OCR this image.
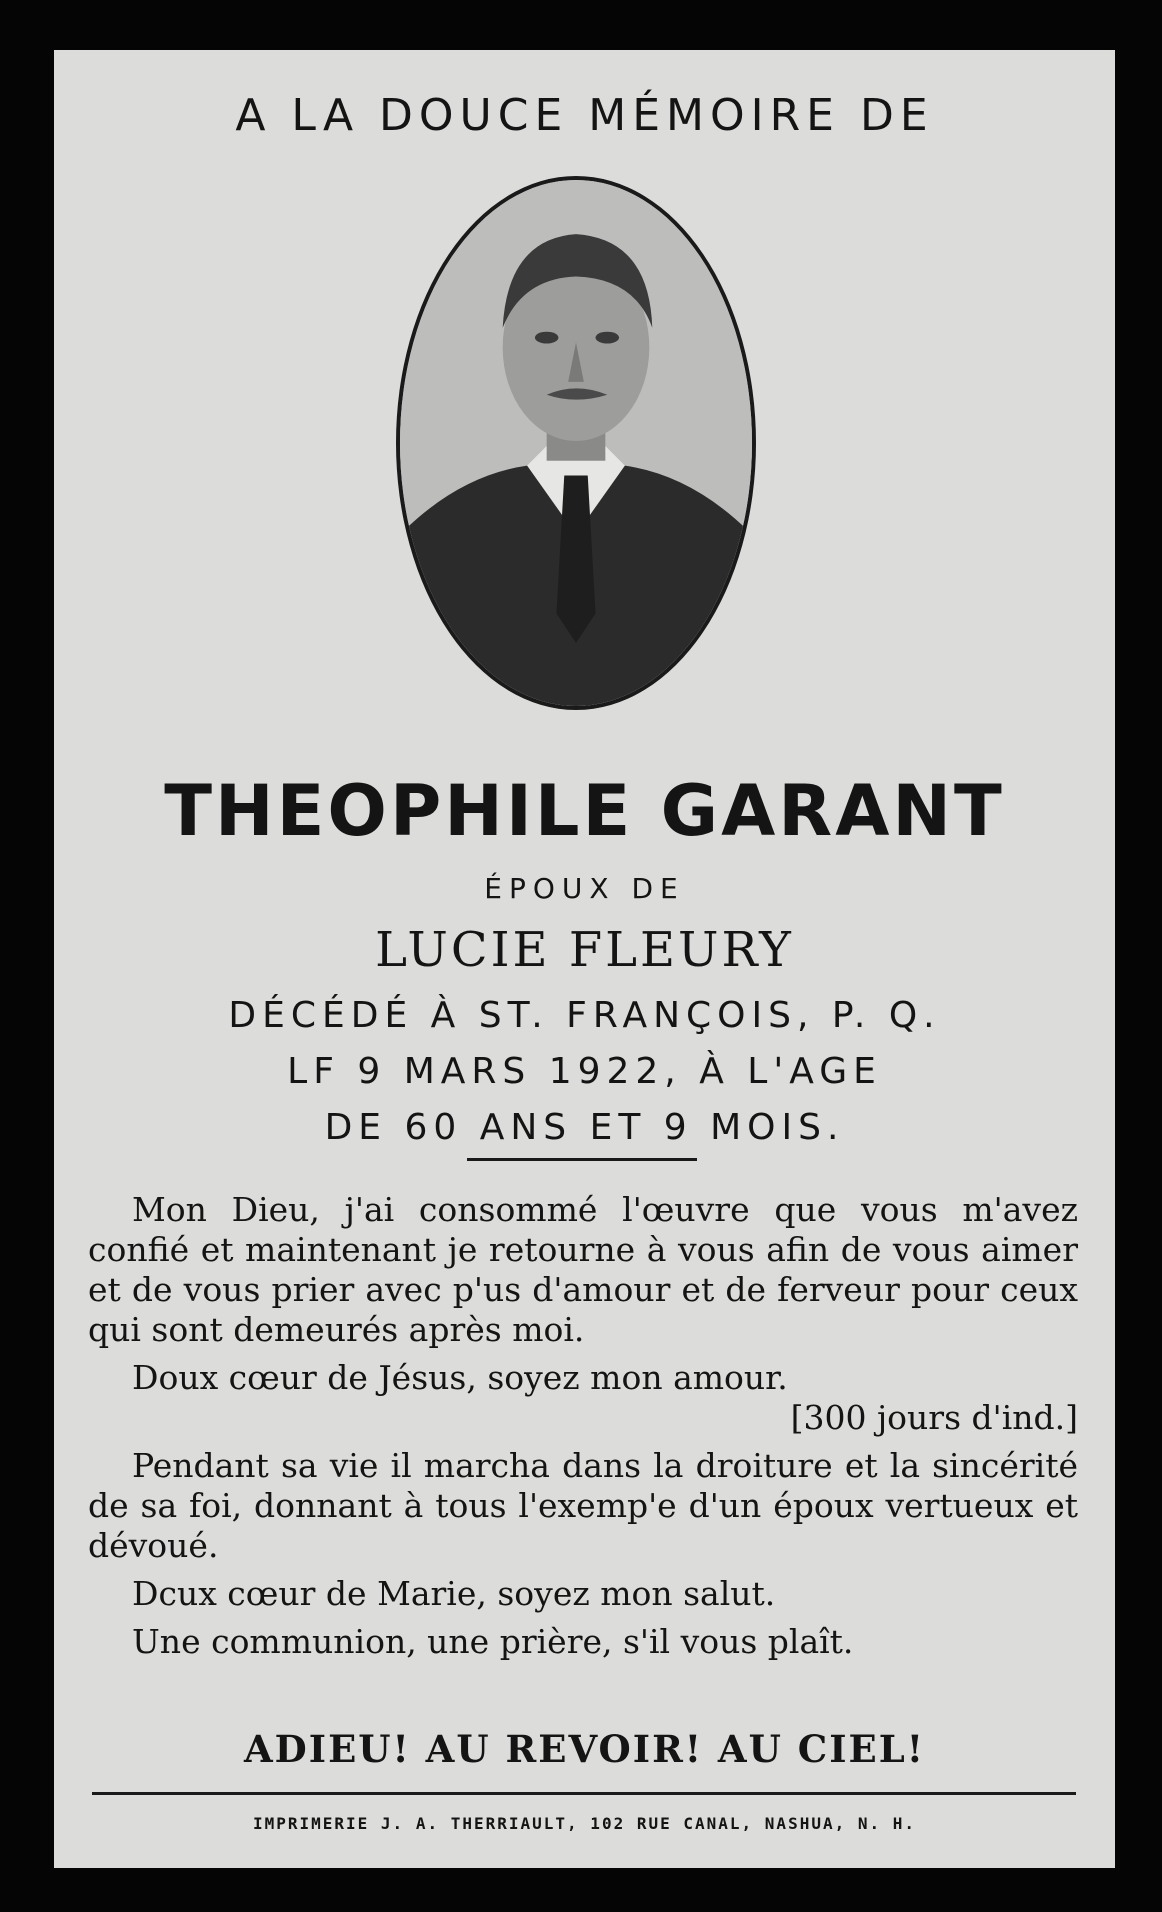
A LA DOUCE MÉMOIRE DE
THEOPHILE GARANT
ÉPOUX DE
LUCIE FLEURY
DÉCÉDÉ À ST. FRANÇOIS, P. Q.
LF 9 MARS 1922, À L'AGE
DE 60 ANS ET 9 MOIS.

Mon Dieu, j'ai consommé l'œuvre que vous m'avez confié et maintenant je retourne à vous afin de vous aimer et de vous prier avec p'us d'amour et de ferveur pour ceux qui sont demeurés après moi.

Doux cœur de Jésus, soyez mon amour.

[300 jours d'ind.]

Pendant sa vie il marcha dans la droiture et la sincérité de sa foi, donnant à tous l'exemp'e d'un époux vertueux et dévoué.

Dcux cœur de Marie, soyez mon salut.

Une communion, une prière, s'il vous plaît.

ADIEU! AU REVOIR! AU CIEL!
IMPRIMERIE J. A. THERRIAULT, 102 RUE CANAL, NASHUA, N. H.
